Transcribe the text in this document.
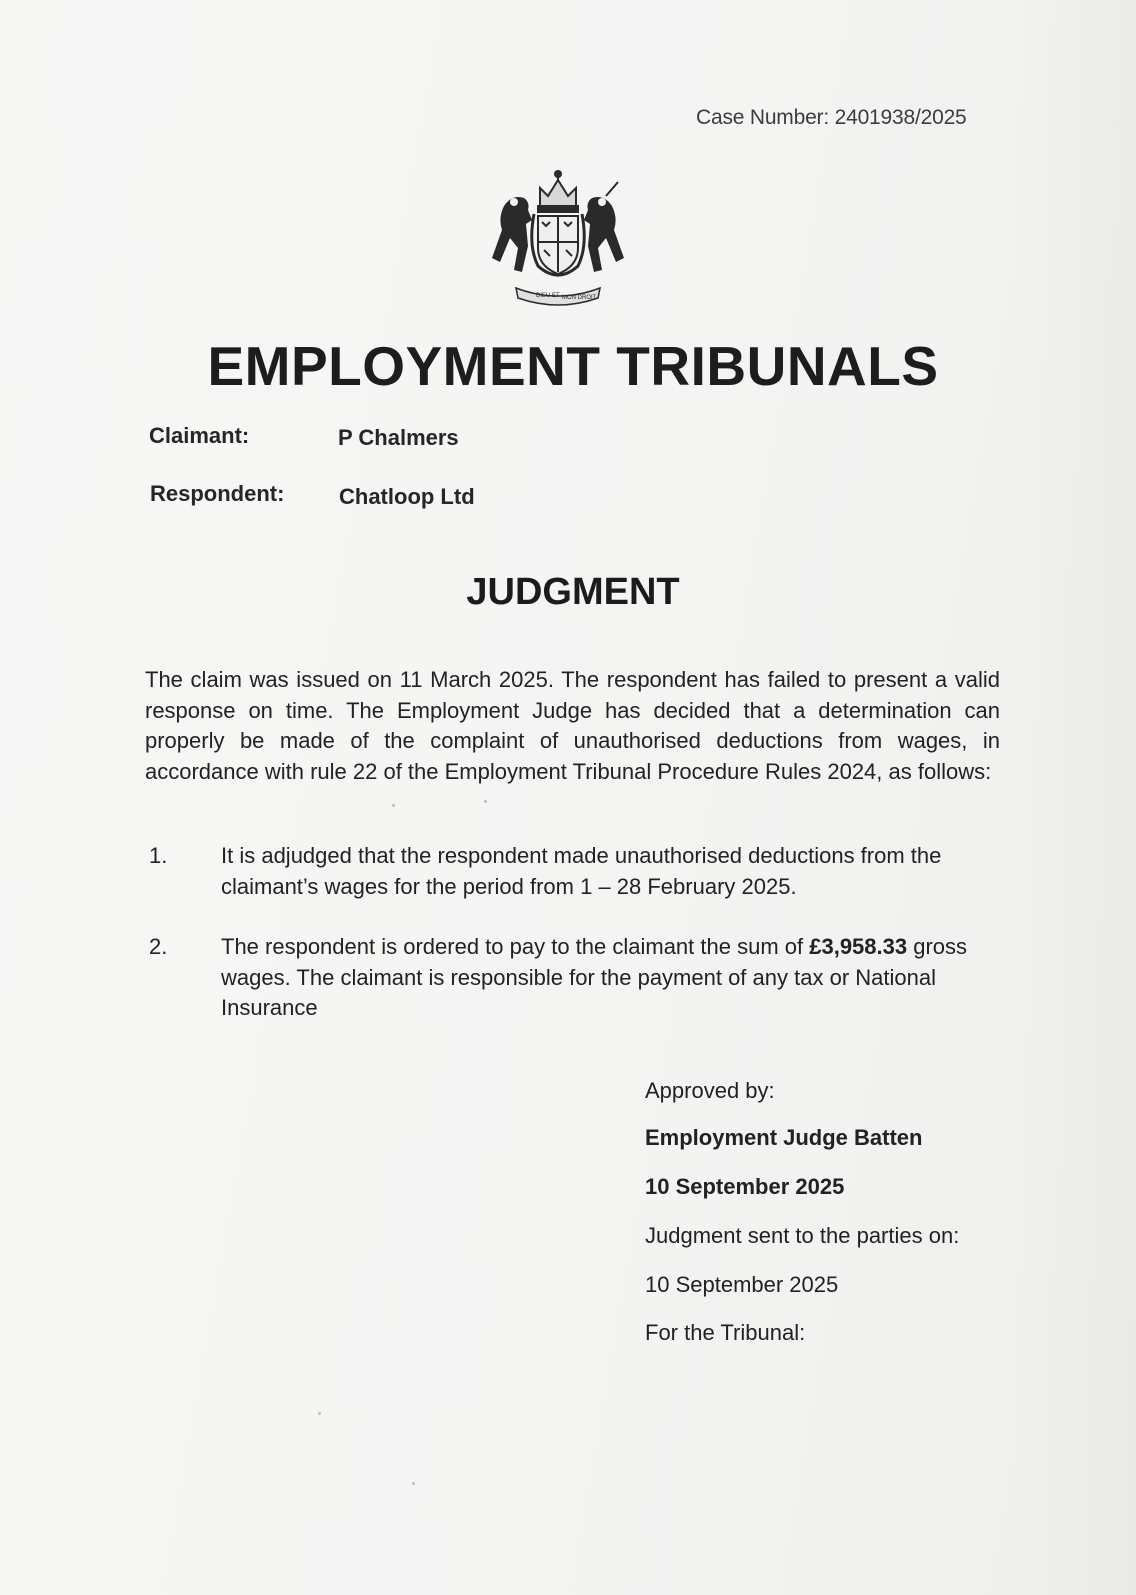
Case Number: 2401938/2025
DIEU ET MON DROIT
EMPLOYMENT TRIBUNALS
Claimant:	P Chalmers
Respondent: Chatloop Ltd
JUDGMENT
The claim was issued on 11 March 2025. The respondent has failed to present a valid response on time. The Employment Judge has decided that a determination can properly be made of the complaint of unauthorised deductions from wages, in accordance with rule 22 of the Employment Tribunal Procedure Rules 2024, as follows:
1. It is adjudged that the respondent made unauthorised deductions from the claimant’s wages for the period from 1 – 28 February 2025.
2. The respondent is ordered to pay to the claimant the sum of £3,958.33 gross wages. The claimant is responsible for the payment of any tax or National Insurance
Approved by:
Employment Judge Batten
10 September 2025
Judgment sent to the parties on:
10 September 2025
For the Tribunal:
